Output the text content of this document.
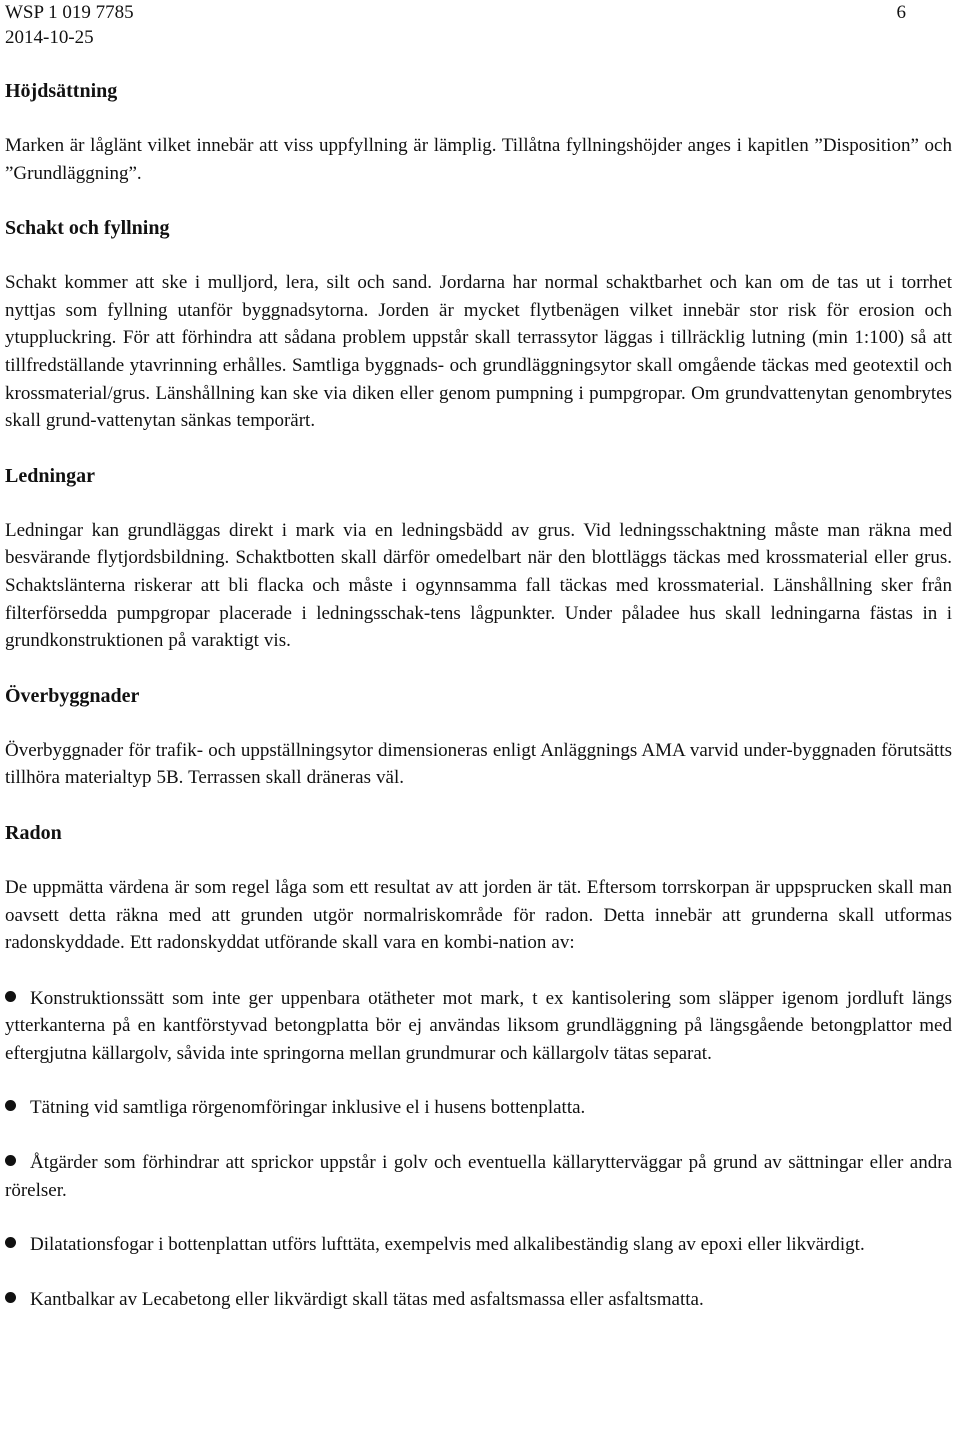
WSP 1 019 7785
2014-10-25
6
Höjdsättning

Marken är låglänt vilket innebär att viss uppfyllning är lämplig. Tillåtna fyllningshöjder anges i kapitlen ”Disposition” och ”Grundläggning”.

Schakt och fyllning

Schakt kommer att ske i mulljord, lera, silt och sand. Jordarna har normal schaktbarhet och kan om de tas ut i torrhet nyttjas som fyllning utanför byggnadsytorna. Jorden är mycket flytbenägen vilket innebär stor risk för erosion och ytuppluckring. För att förhindra att sådana problem uppstår skall terrassytor läggas i tillräcklig lutning (min 1:100) så att tillfredställande ytavrinning erhålles. Samtliga byggnads- och grundläggningsytor skall omgående täckas med geotextil och krossmaterial/grus. Länshållning kan ske via diken eller genom pumpning i pumpgropar. Om grundvattenytan genombrytes skall grund-vattenytan sänkas temporärt.

Ledningar

Ledningar kan grundläggas direkt i mark via en ledningsbädd av grus. Vid ledningsschaktning måste man räkna med besvärande flytjordsbildning. Schaktbotten skall därför omedelbart när den blottläggs täckas med krossmaterial eller grus. Schaktslänterna riskerar att bli flacka och måste i ogynnsamma fall täckas med krossmaterial. Länshållning sker från filterförsedda pumpgropar placerade i ledningsschak-tens lågpunkter. Under påladee hus skall ledningarna fästas in i grundkonstruktionen på varaktigt vis.

Överbyggnader

Överbyggnader för trafik- och uppställningsytor dimensioneras enligt Anläggnings AMA varvid under-byggnaden förutsätts tillhöra materialtyp 5B. Terrassen skall dräneras väl.

Radon

De uppmätta värdena är som regel låga som ett resultat av att jorden är tät. Eftersom torrskorpan är uppsprucken skall man oavsett detta räkna med att grunden utgör normalriskområde för radon. Detta innebär att grunderna skall utformas radonskyddade. Ett radonskyddat utförande skall vara en kombi-nation av:

Konstruktionssätt som inte ger uppenbara otätheter mot mark, t ex kantisolering som släpper igenom jordluft längs ytterkanterna på en kantförstyvad betongplatta bör ej användas liksom grundläggning på längsgående betongplattor med eftergjutna källargolv, såvida inte springorna mellan grundmurar och källargolv tätas separat.
Tätning vid samtliga rörgenomföringar inklusive el i husens bottenplatta.
Åtgärder som förhindrar att sprickor uppstår i golv och eventuella källarytterväggar på grund av sättningar eller andra rörelser.
Dilatationsfogar i bottenplattan utförs lufttäta, exempelvis med alkalibeständig slang av epoxi eller likvärdigt.
Kantbalkar av Lecabetong eller likvärdigt skall tätas med asfaltsmassa eller asfaltsmatta.
